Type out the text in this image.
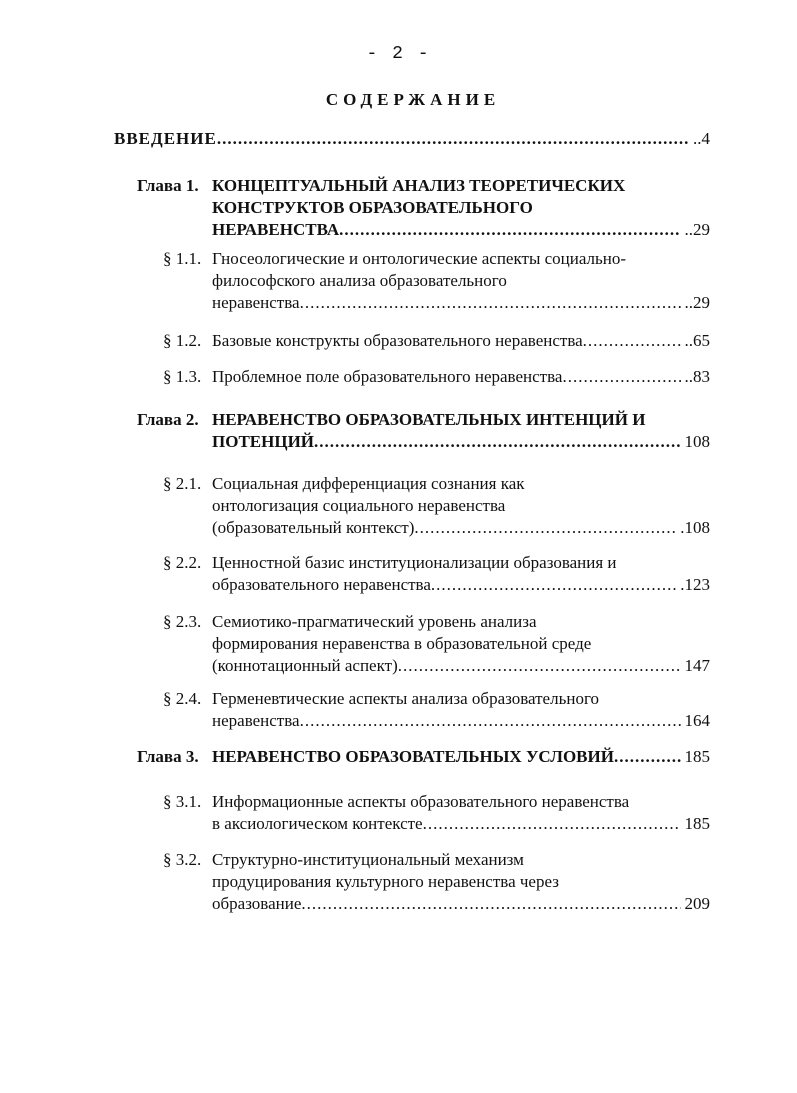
- 2 -
СОДЕРЖАНИЕ
ВВЕДЕНИЕ .....	..4
Глава 1. КОНЦЕПТУАЛЬНЫЙ АНАЛИЗ ТЕОРЕТИЧЕСКИХ
КОНСТРУКТОВ ОБРАЗОВАТЕЛЬНОГО
НЕРАВЕНСТВА .....	..29
§ 1.1. Гносеологические и онтологические аспекты социально-
философского анализа образовательного
неравенства .....	..29
§ 1.2. Базовые конструкты образовательного неравенства .....	..65
§ 1.3. Проблемное поле образовательного неравенства .....	..83
Глава 2. НЕРАВЕНСТВО ОБРАЗОВАТЕЛЬНЫХ ИНТЕНЦИЙ И
ПОТЕНЦИЙ .....	108
§ 2.1. Социальная дифференциация сознания как
онтологизация социального неравенства
(образовательный контекст) .....	.108
§ 2.2. Ценностной базис институционализации образования и
образовательного неравенства .....	.123
§ 2.3. Семиотико-прагматический уровень анализа
формирования неравенства в образовательной среде
(коннотационный аспект) .....	147
§ 2.4. Герменевтические аспекты анализа образовательного
неравенства .....	164
Глава 3. НЕРАВЕНСТВО ОБРАЗОВАТЕЛЬНЫХ УСЛОВИЙ .....	185
§ 3.1. Информационные аспекты образовательного неравенства
в аксиологическом контексте .....	185
§ 3.2. Структурно-институциональный механизм
продуцирования культурного неравенства через
образование .....	209
